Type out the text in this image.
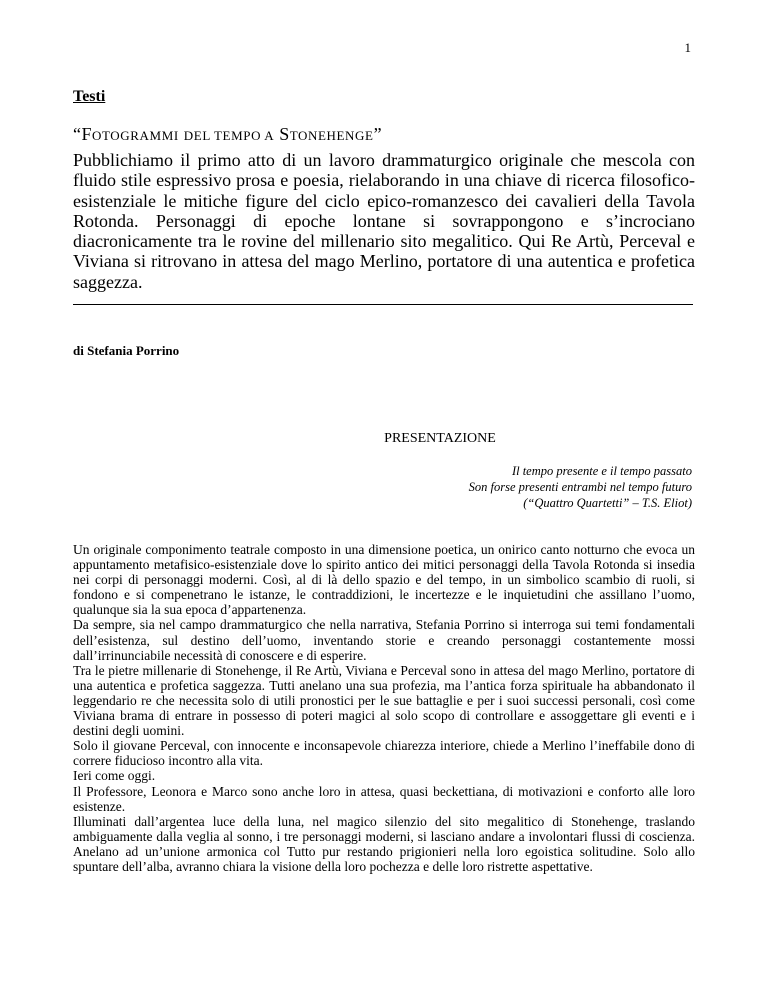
1
Testi
“FOTOGRAMMI DEL TEMPO A STONEHENGE”
Pubblichiamo il primo atto di un lavoro drammaturgico originale che mescola con fluido stile espressivo prosa e poesia, rielaborando in una chiave di ricerca filosofico-esistenziale le mitiche figure del ciclo epico-romanzesco dei cavalieri della Tavola Rotonda. Personaggi di epoche lontane si sovrappongono e s’incrociano diacronicamente tra le rovine del millenario sito megalitico. Qui Re Artù, Perceval e Viviana si ritrovano in attesa del mago Merlino, portatore di una autentica e profetica saggezza.
di Stefania Porrino
PRESENTAZIONE
Il tempo presente e il tempo passato
Son forse presenti entrambi nel tempo futuro
(“Quattro Quartetti” – T.S. Eliot)

Un originale componimento teatrale composto in una dimensione poetica, un onirico canto notturno che evoca un appuntamento metafisico-esistenziale dove lo spirito antico dei mitici personaggi della Tavola Rotonda si insedia nei corpi di personaggi moderni. Così, al di là dello spazio e del tempo, in un simbolico scambio di ruoli, si fondono e si compenetrano le istanze, le contraddizioni, le incertezze e le inquietudini che assillano l’uomo, qualunque sia la sua epoca d’appartenenza.

Da sempre, sia nel campo drammaturgico che nella narrativa, Stefania Porrino si interroga sui temi fondamentali dell’esistenza, sul destino dell’uomo, inventando storie e creando personaggi costantemente mossi dall’irrinunciabile necessità di conoscere e di esperire.

Tra le pietre millenarie di Stonehenge, il Re Artù, Viviana e Perceval sono in attesa del mago Merlino, portatore di una autentica e profetica saggezza. Tutti anelano una sua profezia, ma l’antica forza spirituale ha abbandonato il leggendario re che necessita solo di utili pronostici per le sue battaglie e per i suoi successi personali, così come Viviana brama di entrare in possesso di poteri magici al solo scopo di controllare e assoggettare gli eventi e i destini degli uomini.

Solo il giovane Perceval, con innocente e inconsapevole chiarezza interiore, chiede a Merlino l’ineffabile dono di correre fiducioso incontro alla vita.

Ieri come oggi.

Il Professore, Leonora e Marco sono anche loro in attesa, quasi beckettiana, di motivazioni e conforto alle loro esistenze.

Illuminati dall’argentea luce della luna, nel magico silenzio del sito megalitico di Stonehenge, traslando ambiguamente dalla veglia al sonno, i tre personaggi moderni, si lasciano andare a involontari flussi di coscienza. Anelano ad un’unione armonica col Tutto pur restando prigionieri nella loro egoistica solitudine. Solo allo spuntare dell’alba, avranno chiara la visione della loro pochezza e delle loro ristrette aspettative.
